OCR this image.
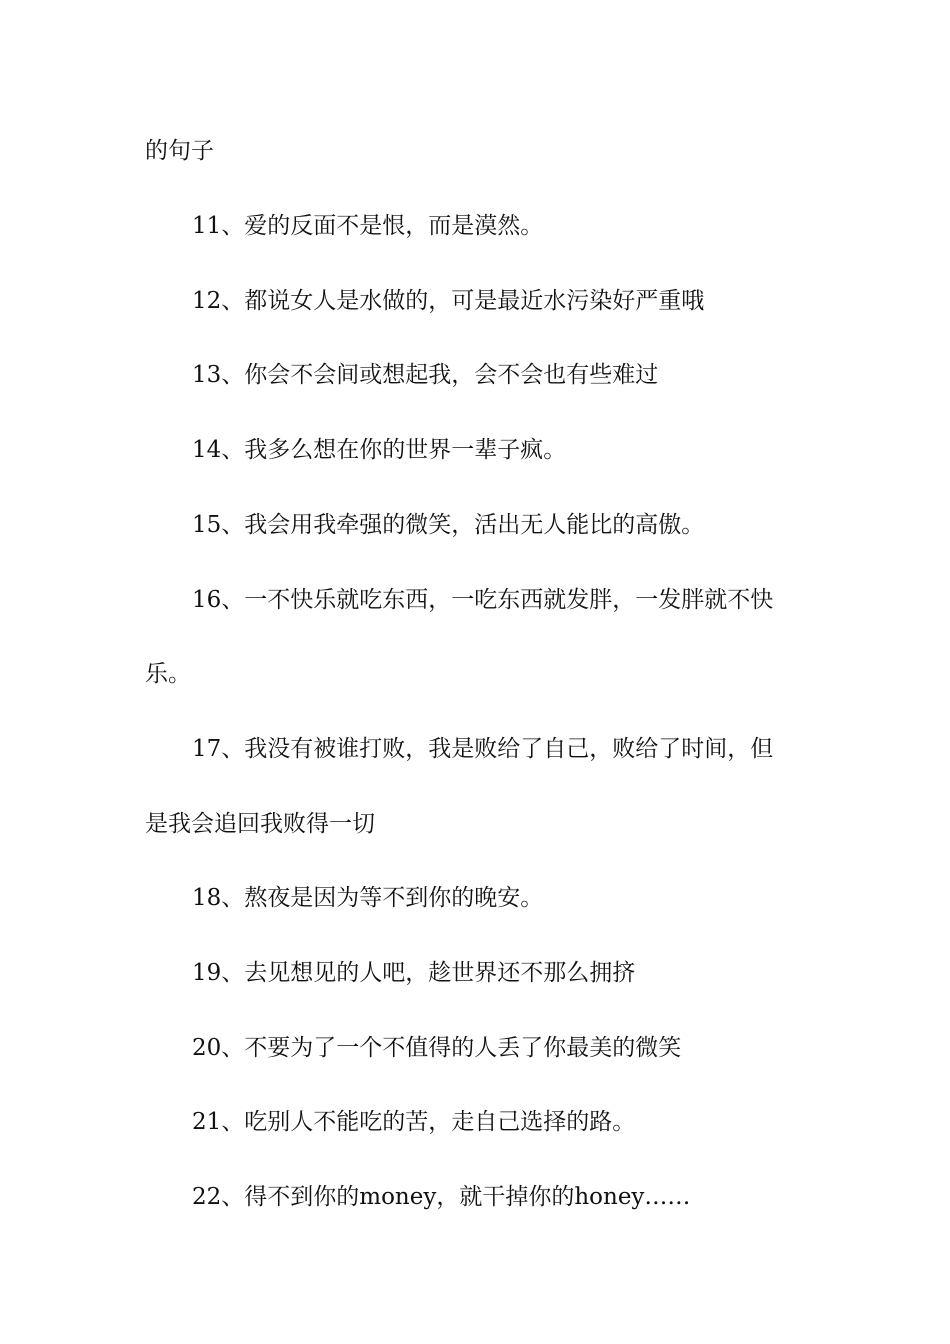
的句子
11、爱的反面不是恨，而是漠然。
12、都说女人是水做的，可是最近水污染好严重哦
13、你会不会间或想起我，会不会也有些难过
14、我多么想在你的世界一辈子疯。
15、我会用我牵强的微笑，活出无人能比的高傲。
16、一不快乐就吃东西，一吃东西就发胖，一发胖就不快
乐。
17、我没有被谁打败，我是败给了自己，败给了时间，但
是我会追回我败得一切
18、熬夜是因为等不到你的晚安。
19、去见想见的人吧，趁世界还不那么拥挤
20、不要为了一个不值得的人丢了你最美的微笑
21、吃别人不能吃的苦，走自己选择的路。
22、得不到你的money，就干掉你的honey……
